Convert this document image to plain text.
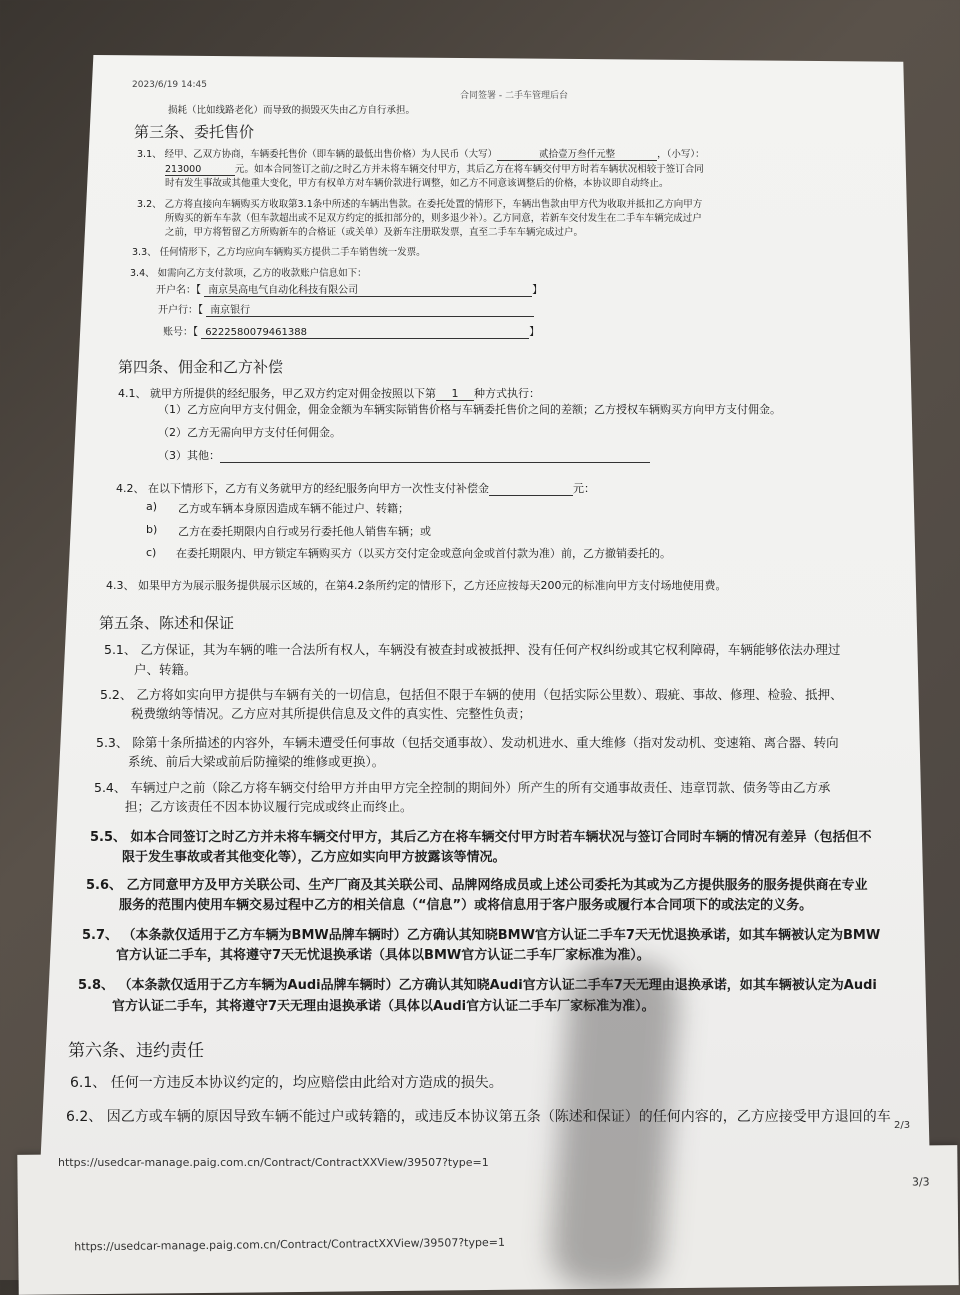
3/3
https://usedcar-manage.paig.com.cn/Contract/ContractXXView/39507?type=1
2023/6/19 14:45
合同签署 - 二手车管理后台
损耗（比如线路老化）而导致的损毁灭失由乙方自行承担。
第三条、委托售价
3.1、 经甲、乙双方协商，车辆委托售价（即车辆的最低出售价格）为人民币（大写）	贰拾壹万叁仟元整	，（小写）：
213000	元。如本合同签订之前/之时乙方并未将车辆交付甲方，其后乙方在将车辆交付甲方时若车辆状况相较于签订合同
时有发生事故或其他重大变化，甲方有权单方对车辆价款进行调整，如乙方不同意该调整后的价格，本协议即自动终止。
3.2、 乙方将直接向车辆购买方收取第3.1条中所述的车辆出售款。在委托处置的情形下，车辆出售款由甲方代为收取并抵扣乙方向甲方
所购买的新车车款（但车款超出或不足双方约定的抵扣部分的，则多退少补）。乙方同意，若新车交付发生在二手车车辆完成过户
之前，甲方将暂留乙方所购新车的合格证（或关单）及新车注册联发票，直至二手车车辆完成过户。
3.3、 任何情形下，乙方均应向车辆购买方提供二手车销售统一发票。
3.4、 如需向乙方支付款项，乙方的收款账户信息如下：
开户名：【 南京昊高电气自动化科技有限公司	】
开户行：【 南京银行
账号：【 6222580079461388	】
第四条、佣金和乙方补偿
4.1、 就甲方所提供的经纪服务，甲乙双方约定对佣金按照以下第 1 种方式执行：
（1）乙方应向甲方支付佣金，佣金金额为车辆实际销售价格与车辆委托售价之间的差额；乙方授权车辆购买方向甲方支付佣金。
（2）乙方无需向甲方支付任何佣金。
（3）其他：
4.2、 在以下情形下，乙方有义务就甲方的经纪服务向甲方一次性支付补偿金	元：
a) 乙方或车辆本身原因造成车辆不能过户、转籍；
b) 乙方在委托期限内自行或另行委托他人销售车辆；或
c) 在委托期限内、甲方锁定车辆购买方（以买方交付定金或意向金或首付款为准）前，乙方撤销委托的。
4.3、 如果甲方为展示服务提供展示区域的，在第4.2条所约定的情形下，乙方还应按每天200元的标准向甲方支付场地使用费。
第五条、陈述和保证
5.1、 乙方保证，其为车辆的唯一合法所有权人，车辆没有被查封或被抵押、没有任何产权纠纷或其它权利障碍，车辆能够依法办理过
户、转籍。
5.2、 乙方将如实向甲方提供与车辆有关的一切信息，包括但不限于车辆的使用（包括实际公里数）、瑕疵、事故、修理、检验、抵押、
税费缴纳等情况。乙方应对其所提供信息及文件的真实性、完整性负责；
5.3、 除第十条所描述的内容外，车辆未遭受任何事故（包括交通事故）、发动机进水、重大维修（指对发动机、变速箱、离合器、转向
系统、前后大梁或前后防撞梁的维修或更换）。
5.4、 车辆过户之前（除乙方将车辆交付给甲方并由甲方完全控制的期间外）所产生的所有交通事故责任、违章罚款、债务等由乙方承
担；乙方该责任不因本协议履行完成或终止而终止。
5.5、 如本合同签订之时乙方并未将车辆交付甲方，其后乙方在将车辆交付甲方时若车辆状况与签订合同时车辆的情况有差异（包括但不
限于发生事故或者其他变化等），乙方应如实向甲方披露该等情况。
5.6、 乙方同意甲方及甲方关联公司、生产厂商及其关联公司、品牌网络成员或上述公司委托为其或为乙方提供服务的服务提供商在专业
服务的范围内使用车辆交易过程中乙方的相关信息（“信息”）或将信息用于客户服务或履行本合同项下的或法定的义务。
5.7、 （本条款仅适用于乙方车辆为BMW品牌车辆时）乙方确认其知晓BMW官方认证二手车7天无忧退换承诺，如其车辆被认定为BMW
官方认证二手车，其将遵守7天无忧退换承诺（具体以BMW官方认证二手车厂家标准为准）。
5.8、 （本条款仅适用于乙方车辆为Audi品牌车辆时）乙方确认其知晓Audi官方认证二手车7天无理由退换承诺，如其车辆被认定为Audi
官方认证二手车，其将遵守7天无理由退换承诺（具体以Audi官方认证二手车厂家标准为准）。
第六条、违约责任
6.1、 任何一方违反本协议约定的，均应赔偿由此给对方造成的损失。
6.2、 因乙方或车辆的原因导致车辆不能过户或转籍的，或违反本协议第五条（陈述和保证）的任何内容的，乙方应接受甲方退回的车
2/3
https://usedcar-manage.paig.com.cn/Contract/ContractXXView/39507?type=1
